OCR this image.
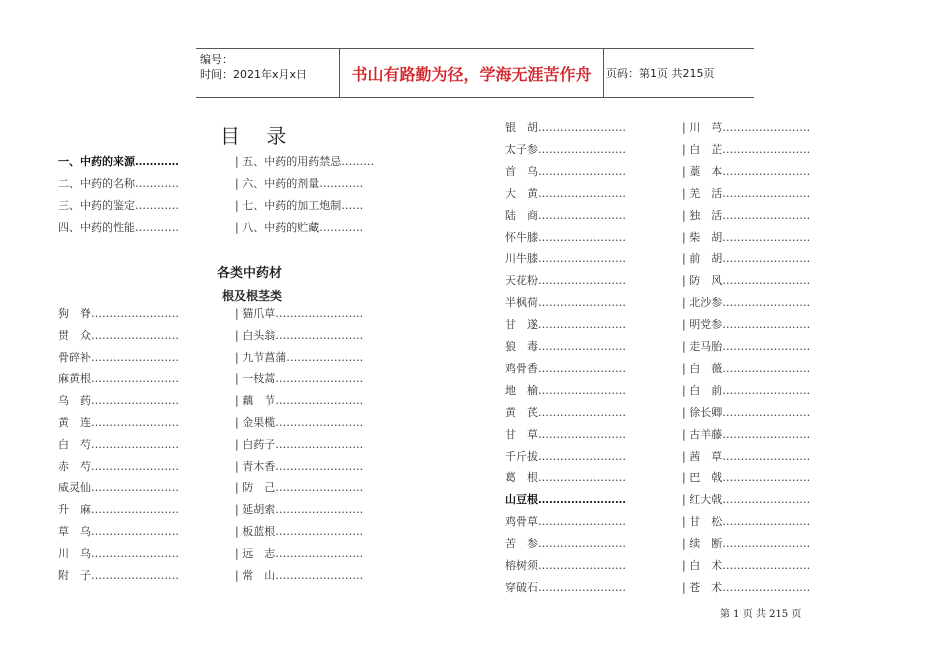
编号：
时间：2021年x月x日	书山有路勤为径，学海无涯苦作舟 页码：第1页 共215页
目 录
一、中药的来源…………
二、中药的名称…………
三、中药的鉴定…………
四、中药的性能…………
| 五、中药的用药禁忌………
| 六、中药的剂量…………
| 七、中药的加工炮制……
| 八、中药的贮藏…………
各类中药材
根及根茎类
狗　脊……………………
贯　众……………………
骨碎补……………………
麻黄根……………………
乌　药……………………
黄　连……………………
白　芍……………………
赤　芍……………………
威灵仙……………………
升　麻……………………
草　乌……………………
川　乌……………………
附　子……………………
| 猫爪草……………………
| 白头翁……………………
| 九节菖蒲…………………
| 一枝蒿……………………
| 藕　节……………………
| 金果榄……………………
| 白药子……………………
| 青木香……………………
| 防　己……………………
| 延胡索……………………
| 板蓝根……………………
| 远　志……………………
| 常　山……………………
银　胡……………………
太子参……………………
首　乌……………………
大　黄……………………
陆　商……………………
怀牛膝……………………
川牛膝……………………
天花粉……………………
半枫荷……………………
甘　遂……………………
狼　毒……………………
鸡骨香……………………
地　榆……………………
黄　芪……………………
甘　草……………………
千斤拔……………………
葛　根……………………
山豆根……………………
鸡骨草……………………
苦　参……………………
榕树须……………………
穿破石……………………
| 川　芎……………………
| 白　芷……………………
| 藁　本……………………
| 羌　活……………………
| 独　活……………………
| 柴　胡……………………
| 前　胡……………………
| 防　风……………………
| 北沙参……………………
| 明党参……………………
| 走马胎……………………
| 白　薇……………………
| 白　前……………………
| 徐长卿……………………
| 古羊藤……………………
| 茜　草……………………
| 巴　戟……………………
| 红大戟……………………
| 甘　松……………………
| 续　断……………………
| 白　术……………………
| 苍　术……………………
第 1 页 共 215 页
